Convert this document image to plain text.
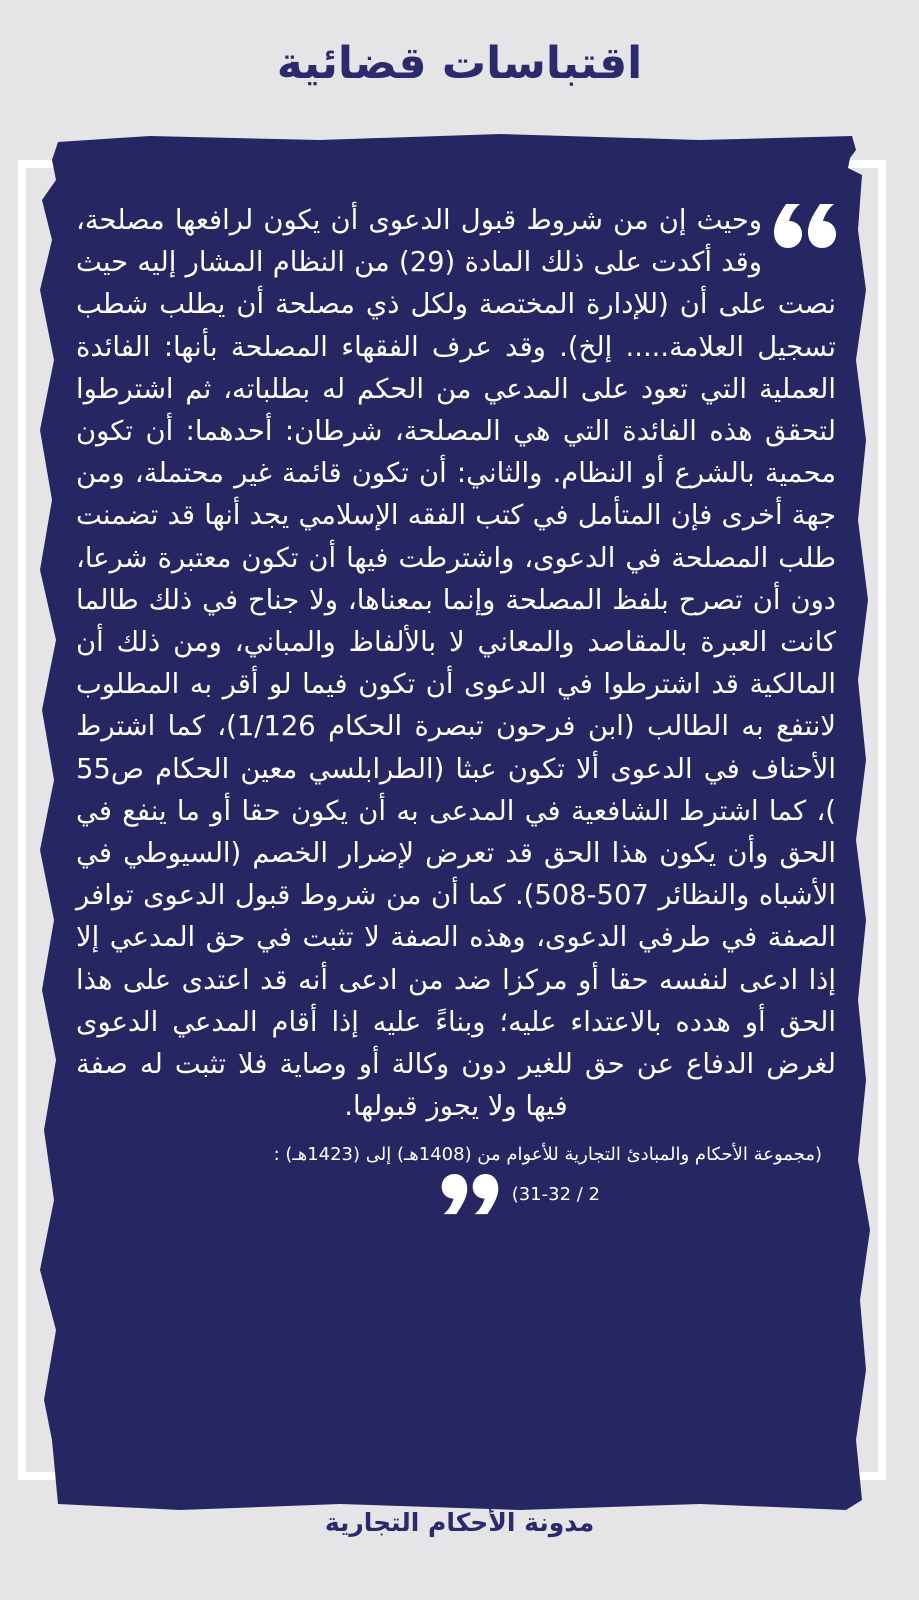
اقتباسات قضائية

وحيث إن من شروط قبول الدعوى أن يكون لرافعها مصلحة، وقد أكدت على ذلك المادة (29) من النظام المشار إليه حيث نصت على أن (للإدارة المختصة ولكل ذي مصلحة أن يطلب شطب تسجيل العلامة..... إلخ). وقد عرف الفقهاء المصلحة بأنها: الفائدة العملية التي تعود على المدعي من الحكم له بطلباته، ثم اشترطوا لتحقق هذه الفائدة التي هي المصلحة، شرطان: أحدهما: أن تكون محمية بالشرع أو النظام. والثاني: أن تكون قائمة غير محتملة، ومن جهة أخرى فإن المتأمل في كتب الفقه الإسلامي يجد أنها قد تضمنت طلب المصلحة في الدعوى، واشترطت فيها أن تكون معتبرة شرعا، دون أن تصرح بلفظ المصلحة وإنما بمعناها، ولا جناح في ذلك طالما كانت العبرة بالمقاصد والمعاني لا بالألفاظ والمباني، ومن ذلك أن المالكية قد اشترطوا في الدعوى أن تكون فيما لو أقر به المطلوب لانتفع به الطالب (ابن فرحون تبصرة الحكام 1/126)، كما اشترط الأحناف في الدعوى ألا تكون عبثا (الطرابلسي معين الحكام ص55 )، كما اشترط الشافعية في المدعى به أن يكون حقا أو ما ينفع في الحق وأن يكون هذا الحق قد تعرض لإضرار الخصم (السيوطي في الأشباه والنظائر 507-508). كما أن من شروط قبول الدعوى توافر الصفة في طرفي الدعوى، وهذه الصفة لا تثبت في حق المدعي إلا إذا ادعى لنفسه حقا أو مركزا ضد من ادعى أنه قد اعتدى على هذا الحق أو هدده بالاعتداء عليه؛ وبناءً عليه إذا أقام المدعي الدعوى لغرض الدفاع عن حق للغير دون وكالة أو وصاية فلا تثبت له صفة فيها ولا يجوز قبولها.

(مجموعة الأحكام والمبادئ التجارية للأعوام من (1408هـ) إلى (1423هـ) :
2 / 31-32)
مدونة الأحكام التجارية
